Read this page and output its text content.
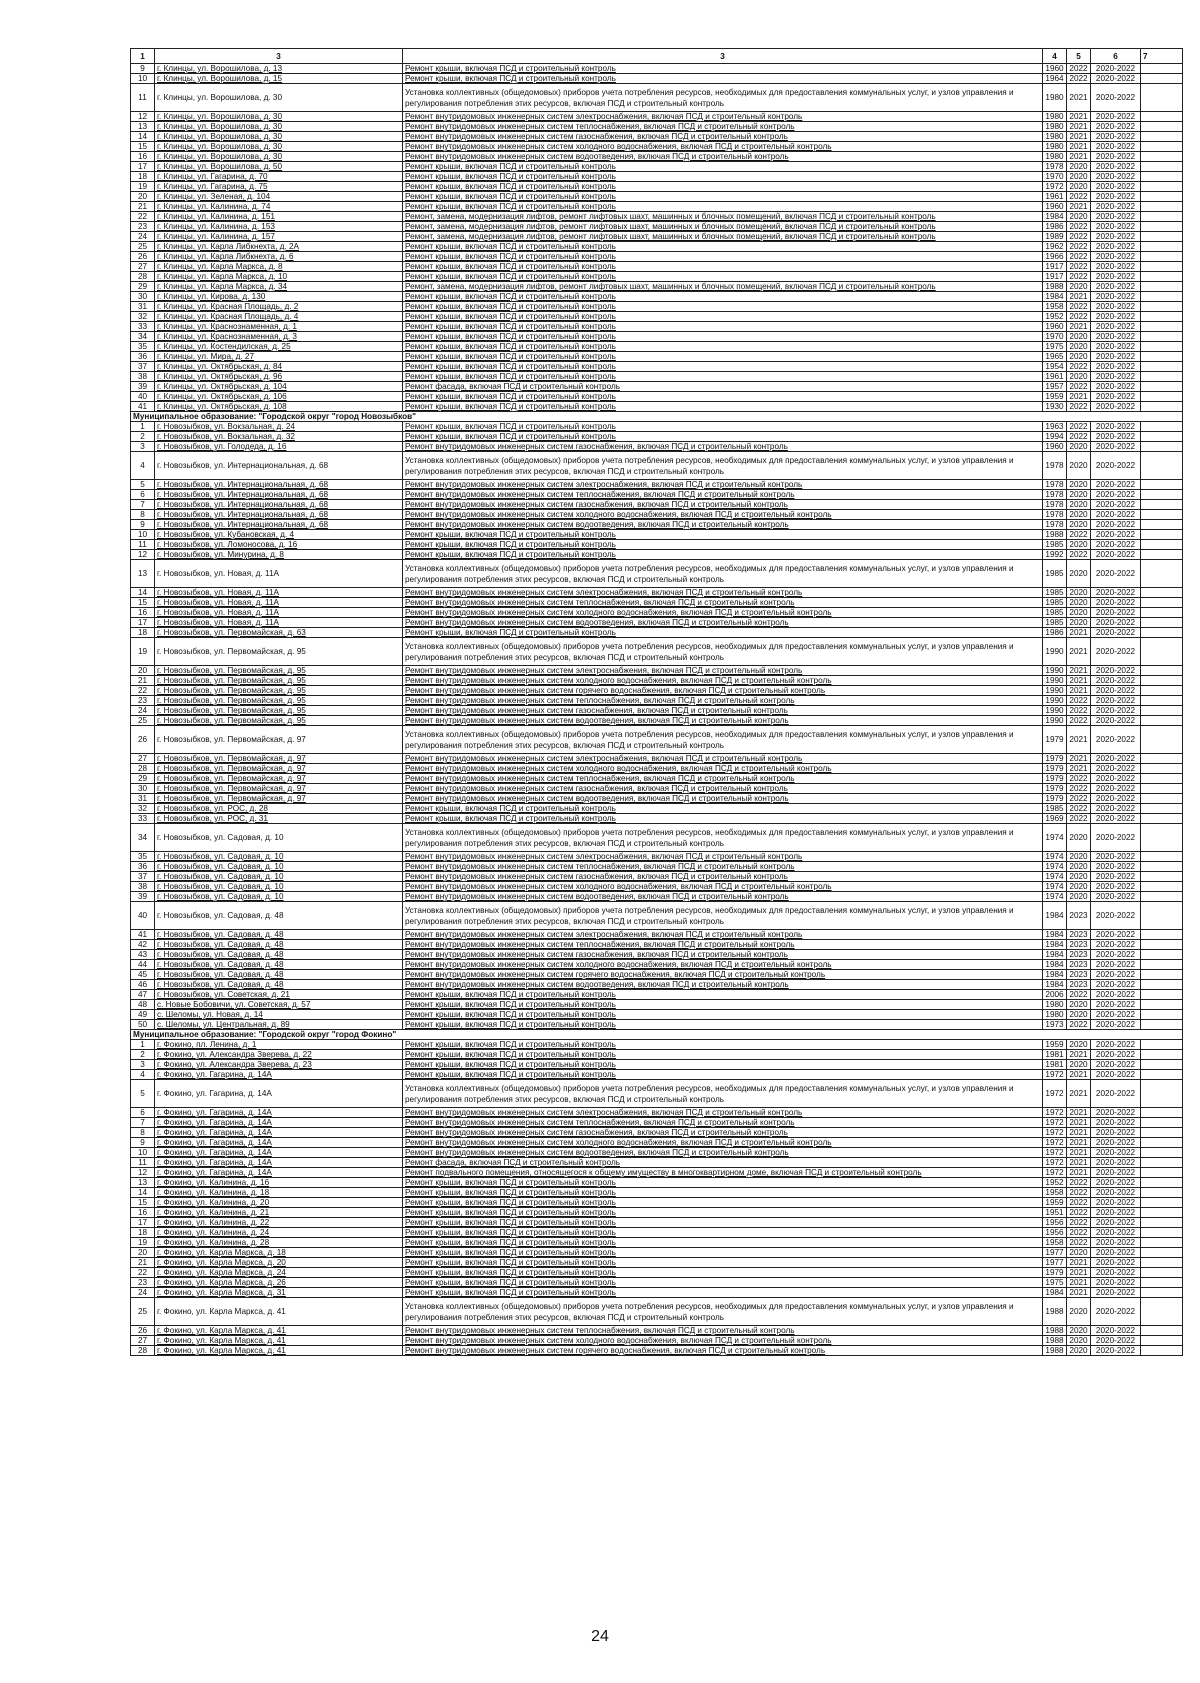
1	3	3	4	5	6	7
9	г. Клинцы, ул. Ворошилова, д. 13	Ремонт крыши, включая ПСД и строительный контроль	1960	2022	2020-2022	
10	г. Клинцы, ул. Ворошилова, д. 15	Ремонт крыши, включая ПСД и строительный контроль	1964	2022	2020-2022	
11	г. Клинцы, ул. Ворошилова, д. 30	Установка коллективных (общедомовых) приборов учета потребления ресурсов, необходимых для предоставления коммунальных услуг, и узлов управления и регулирования потребления этих ресурсов, включая ПСД и строительный контроль	1980	2021	2020-2022	
12	г. Клинцы, ул. Ворошилова, д. 30	Ремонт внутридомовых инженерных систем электроснабжения, включая ПСД и строительный контроль	1980	2021	2020-2022	
13	г. Клинцы, ул. Ворошилова, д. 30	Ремонт внутридомовых инженерных систем теплоснабжения, включая ПСД и строительный контроль	1980	2021	2020-2022	
14	г. Клинцы, ул. Ворошилова, д. 30	Ремонт внутридомовых инженерных систем газоснабжения, включая ПСД и строительный контроль	1980	2021	2020-2022	
15	г. Клинцы, ул. Ворошилова, д. 30	Ремонт внутридомовых инженерных систем холодного водоснабжения, включая ПСД и строительный контроль	1980	2021	2020-2022	
16	г. Клинцы, ул. Ворошилова, д. 30	Ремонт внутридомовых инженерных систем водоотведения, включая ПСД и строительный контроль	1980	2021	2020-2022	
17	г. Клинцы, ул. Ворошилова, д. 50	Ремонт крыши, включая ПСД и строительный контроль	1978	2020	2020-2022	
18	г. Клинцы, ул. Гагарина, д. 70	Ремонт крыши, включая ПСД и строительный контроль	1970	2020	2020-2022	
19	г. Клинцы, ул. Гагарина, д. 75	Ремонт крыши, включая ПСД и строительный контроль	1972	2020	2020-2022	
20	г. Клинцы, ул. Зеленая, д. 104	Ремонт крыши, включая ПСД и строительный контроль	1961	2022	2020-2022	
21	г. Клинцы, ул. Калинина, д. 74	Ремонт крыши, включая ПСД и строительный контроль	1960	2021	2020-2022	
22	г. Клинцы, ул. Калинина, д. 151	Ремонт, замена, модернизация лифтов, ремонт лифтовых шахт, машинных и блочных помещений, включая ПСД и строительный контроль	1984	2020	2020-2022	
23	г. Клинцы, ул. Калинина, д. 153	Ремонт, замена, модернизация лифтов, ремонт лифтовых шахт, машинных и блочных помещений, включая ПСД и строительный контроль	1986	2022	2020-2022	
24	г. Клинцы, ул. Калинина, д. 157	Ремонт, замена, модернизация лифтов, ремонт лифтовых шахт, машинных и блочных помещений, включая ПСД и строительный контроль	1989	2022	2020-2022	
25	г. Клинцы, ул. Карла Либкнехта, д. 2А	Ремонт крыши, включая ПСД и строительный контроль	1962	2022	2020-2022	
26	г. Клинцы, ул. Карла Либкнехта, д. 6	Ремонт крыши, включая ПСД и строительный контроль	1966	2022	2020-2022	
27	г. Клинцы, ул. Карла Маркса, д. 8	Ремонт крыши, включая ПСД и строительный контроль	1917	2022	2020-2022	
28	г. Клинцы, ул. Карла Маркса, д. 10	Ремонт крыши, включая ПСД и строительный контроль	1917	2022	2020-2022	
29	г. Клинцы, ул. Карла Маркса, д. 34	Ремонт, замена, модернизация лифтов, ремонт лифтовых шахт, машинных и блочных помещений, включая ПСД и строительный контроль	1988	2020	2020-2022	
30	г. Клинцы, ул. Кирова, д. 130	Ремонт крыши, включая ПСД и строительный контроль	1984	2021	2020-2022	
31	г. Клинцы, ул. Красная Площадь, д. 2	Ремонт крыши, включая ПСД и строительный контроль	1958	2022	2020-2022	
32	г. Клинцы, ул. Красная Площадь, д. 4	Ремонт крыши, включая ПСД и строительный контроль	1952	2022	2020-2022	
33	г. Клинцы, ул. Краснознаменная, д. 1	Ремонт крыши, включая ПСД и строительный контроль	1960	2021	2020-2022	
34	г. Клинцы, ул. Краснознаменная, д. 3	Ремонт крыши, включая ПСД и строительный контроль	1970	2020	2020-2022	
35	г. Клинцы, ул. Костендилская, д. 25	Ремонт крыши, включая ПСД и строительный контроль	1975	2020	2020-2022	
36	г. Клинцы, ул. Мира, д. 27	Ремонт крыши, включая ПСД и строительный контроль	1965	2020	2020-2022	
37	г. Клинцы, ул. Октябрьская, д. 84	Ремонт крыши, включая ПСД и строительный контроль	1954	2022	2020-2022	
38	г. Клинцы, ул. Октябрьская, д. 96	Ремонт крыши, включая ПСД и строительный контроль	1961	2020	2020-2022	
39	г. Клинцы, ул. Октябрьская, д. 104	Ремонт фасада, включая ПСД и строительный контроль	1957	2022	2020-2022	
40	г. Клинцы, ул. Октябрьская, д. 106	Ремонт крыши, включая ПСД и строительный контроль	1959	2021	2020-2022	
41	г. Клинцы, ул. Октябрьская, д. 108	Ремонт крыши, включая ПСД и строительный контроль	1930	2022	2020-2022	
Муниципальное образование: "Городской округ "город Новозыбков"						
1	г. Новозыбков, ул. Вокзальная, д. 24	Ремонт крыши, включая ПСД и строительный контроль	1963	2022	2020-2022	
2	г. Новозыбков, ул. Вокзальная, д. 32	Ремонт крыши, включая ПСД и строительный контроль	1994	2022	2020-2022	
3	г. Новозыбков, ул. Голодеда, д. 16	Ремонт внутридомовых инженерных систем газоснабжения, включая ПСД и строительный контроль	1960	2020	2020-2022	
4	г. Новозыбков, ул. Интернациональная, д. 68	Установка коллективных (общедомовых) приборов учета потребления ресурсов, необходимых для предоставления коммунальных услуг, и узлов управления и регулирования потребления этих ресурсов, включая ПСД и строительный контроль	1978	2020	2020-2022	
5	г. Новозыбков, ул. Интернациональная, д. 68	Ремонт внутридомовых инженерных систем электроснабжения, включая ПСД и строительный контроль	1978	2020	2020-2022	
6	г. Новозыбков, ул. Интернациональная, д. 68	Ремонт внутридомовых инженерных систем теплоснабжения, включая ПСД и строительный контроль	1978	2020	2020-2022	
7	г. Новозыбков, ул. Интернациональная, д. 68	Ремонт внутридомовых инженерных систем газоснабжения, включая ПСД и строительный контроль	1978	2020	2020-2022	
8	г. Новозыбков, ул. Интернациональная, д. 68	Ремонт внутридомовых инженерных систем холодного водоснабжения, включая ПСД и строительный контроль	1978	2020	2020-2022	
9	г. Новозыбков, ул. Интернациональная, д. 68	Ремонт внутридомовых инженерных систем водоотведения, включая ПСД и строительный контроль	1978	2020	2020-2022	
10	г. Новозыбков, ул. Кубановская, д. 4	Ремонт крыши, включая ПСД и строительный контроль	1988	2022	2020-2022	
11	г. Новозыбков, ул. Ломоносова, д. 16	Ремонт крыши, включая ПСД и строительный контроль	1985	2020	2020-2022	
12	г. Новозыбков, ул. Минурина, д. 8	Ремонт крыши, включая ПСД и строительный контроль	1992	2022	2020-2022	
13	г. Новозыбков, ул. Новая, д. 11А	Установка коллективных (общедомовых) приборов учета потребления ресурсов, необходимых для предоставления коммунальных услуг, и узлов управления и регулирования потребления этих ресурсов, включая ПСД и строительный контроль	1985	2020	2020-2022	
14	г. Новозыбков, ул. Новая, д. 11А	Ремонт внутридомовых инженерных систем электроснабжения, включая ПСД и строительный контроль	1985	2020	2020-2022	
15	г. Новозыбков, ул. Новая, д. 11А	Ремонт внутридомовых инженерных систем теплоснабжения, включая ПСД и строительный контроль	1985	2020	2020-2022	
16	г. Новозыбков, ул. Новая, д. 11А	Ремонт внутридомовых инженерных систем холодного водоснабжения, включая ПСД и строительный контроль	1985	2020	2020-2022	
17	г. Новозыбков, ул. Новая, д. 11А	Ремонт внутридомовых инженерных систем водоотведения, включая ПСД и строительный контроль	1985	2020	2020-2022	
18	г. Новозыбков, ул. Первомайская, д. 63	Ремонт крыши, включая ПСД и строительный контроль	1986	2021	2020-2022	
19	г. Новозыбков, ул. Первомайская, д. 95	Установка коллективных (общедомовых) приборов учета потребления ресурсов, необходимых для предоставления коммунальных услуг, и узлов управления и регулирования потребления этих ресурсов, включая ПСД и строительный контроль	1990	2021	2020-2022	
20	г. Новозыбков, ул. Первомайская, д. 95	Ремонт внутридомовых инженерных систем электроснабжения, включая ПСД и строительный контроль	1990	2021	2020-2022	
21	г. Новозыбков, ул. Первомайская, д. 95	Ремонт внутридомовых инженерных систем холодного водоснабжения, включая ПСД и строительный контроль	1990	2021	2020-2022	
22	г. Новозыбков, ул. Первомайская, д. 95	Ремонт внутридомовых инженерных систем горячего водоснабжения, включая ПСД и строительный контроль	1990	2021	2020-2022	
23	г. Новозыбков, ул. Первомайская, д. 95	Ремонт внутридомовых инженерных систем теплоснабжения, включая ПСД и строительный контроль	1990	2022	2020-2022	
24	г. Новозыбков, ул. Первомайская, д. 95	Ремонт внутридомовых инженерных систем газоснабжения, включая ПСД и строительный контроль	1990	2022	2020-2022	
25	г. Новозыбков, ул. Первомайская, д. 95	Ремонт внутридомовых инженерных систем водоотведения, включая ПСД и строительный контроль	1990	2022	2020-2022	
26	г. Новозыбков, ул. Первомайская, д. 97	Установка коллективных (общедомовых) приборов учета потребления ресурсов, необходимых для предоставления коммунальных услуг, и узлов управления и регулирования потребления этих ресурсов, включая ПСД и строительный контроль	1979	2021	2020-2022	
27	г. Новозыбков, ул. Первомайская, д. 97	Ремонт внутридомовых инженерных систем электроснабжения, включая ПСД и строительный контроль	1979	2021	2020-2022	
28	г. Новозыбков, ул. Первомайская, д. 97	Ремонт внутридомовых инженерных систем холодного водоснабжения, включая ПСД и строительный контроль	1979	2021	2020-2022	
29	г. Новозыбков, ул. Первомайская, д. 97	Ремонт внутридомовых инженерных систем теплоснабжения, включая ПСД и строительный контроль	1979	2022	2020-2022	
30	г. Новозыбков, ул. Первомайская, д. 97	Ремонт внутридомовых инженерных систем газоснабжения, включая ПСД и строительный контроль	1979	2022	2020-2022	
31	г. Новозыбков, ул. Первомайская, д. 97	Ремонт внутридомовых инженерных систем водоотведения, включая ПСД и строительный контроль	1979	2022	2020-2022	
32	г. Новозыбков, ул. РОС, д. 28	Ремонт крыши, включая ПСД и строительный контроль	1985	2022	2020-2022	
33	г. Новозыбков, ул. РОС, д. 31	Ремонт крыши, включая ПСД и строительный контроль	1969	2022	2020-2022	
34	г. Новозыбков, ул. Садовая, д. 10	Установка коллективных (общедомовых) приборов учета потребления ресурсов, необходимых для предоставления коммунальных услуг, и узлов управления и регулирования потребления этих ресурсов, включая ПСД и строительный контроль	1974	2020	2020-2022	
35	г. Новозыбков, ул. Садовая, д. 10	Ремонт внутридомовых инженерных систем электроснабжения, включая ПСД и строительный контроль	1974	2020	2020-2022	
36	г. Новозыбков, ул. Садовая, д. 10	Ремонт внутридомовых инженерных систем теплоснабжения, включая ПСД и строительный контроль	1974	2020	2020-2022	
37	г. Новозыбков, ул. Садовая, д. 10	Ремонт внутридомовых инженерных систем газоснабжения, включая ПСД и строительный контроль	1974	2020	2020-2022	
38	г. Новозыбков, ул. Садовая, д. 10	Ремонт внутридомовых инженерных систем холодного водоснабжения, включая ПСД и строительный контроль	1974	2020	2020-2022	
39	г. Новозыбков, ул. Садовая, д. 10	Ремонт внутридомовых инженерных систем водоотведения, включая ПСД и строительный контроль	1974	2020	2020-2022	
40	г. Новозыбков, ул. Садовая, д. 48	Установка коллективных (общедомовых) приборов учета потребления ресурсов, необходимых для предоставления коммунальных услуг, и узлов управления и регулирования потребления этих ресурсов, включая ПСД и строительный контроль	1984	2023	2020-2022	
41	г. Новозыбков, ул. Садовая, д. 48	Ремонт внутридомовых инженерных систем электроснабжения, включая ПСД и строительный контроль	1984	2023	2020-2022	
42	г. Новозыбков, ул. Садовая, д. 48	Ремонт внутридомовых инженерных систем теплоснабжения, включая ПСД и строительный контроль	1984	2023	2020-2022	
43	г. Новозыбков, ул. Садовая, д. 48	Ремонт внутридомовых инженерных систем газоснабжения, включая ПСД и строительный контроль	1984	2023	2020-2022	
44	г. Новозыбков, ул. Садовая, д. 48	Ремонт внутридомовых инженерных систем холодного водоснабжения, включая ПСД и строительный контроль	1984	2023	2020-2022	
45	г. Новозыбков, ул. Садовая, д. 48	Ремонт внутридомовых инженерных систем горячего водоснабжения, включая ПСД и строительный контроль	1984	2023	2020-2022	
46	г. Новозыбков, ул. Садовая, д. 48	Ремонт внутридомовых инженерных систем водоотведения, включая ПСД и строительный контроль	1984	2023	2020-2022	
47	г. Новозыбков, ул. Советская, д. 21	Ремонт крыши, включая ПСД и строительный контроль	2006	2022	2020-2022	
48	с. Новые Бобовичи, ул. Советская, д. 57	Ремонт крыши, включая ПСД и строительный контроль	1980	2020	2020-2022	
49	с. Шеломы, ул. Новая, д. 14	Ремонт крыши, включая ПСД и строительный контроль	1980	2020	2020-2022	
50	с. Шеломы, ул. Центральная, д. 89	Ремонт крыши, включая ПСД и строительный контроль	1973	2022	2020-2022	
Муниципальное образование: "Городской округ "город Фокино"						
1	г. Фокино, пл. Ленина, д. 1	Ремонт крыши, включая ПСД и строительный контроль	1959	2020	2020-2022	
2	г. Фокино, ул. Александра Зверева, д. 22	Ремонт крыши, включая ПСД и строительный контроль	1981	2021	2020-2022	
3	г. Фокино, ул. Александра Зверева, д. 23	Ремонт крыши, включая ПСД и строительный контроль	1981	2020	2020-2022	
4	г. Фокино, ул. Гагарина, д. 14А	Ремонт крыши, включая ПСД и строительный контроль	1972	2021	2020-2022	
5	г. Фокино, ул. Гагарина, д. 14А	Установка коллективных (общедомовых) приборов учета потребления ресурсов, необходимых для предоставления коммунальных услуг, и узлов управления и регулирования потребления этих ресурсов, включая ПСД и строительный контроль	1972	2021	2020-2022	
6	г. Фокино, ул. Гагарина, д. 14А	Ремонт внутридомовых инженерных систем электроснабжения, включая ПСД и строительный контроль	1972	2021	2020-2022	
7	г. Фокино, ул. Гагарина, д. 14А	Ремонт внутридомовых инженерных систем теплоснабжения, включая ПСД и строительный контроль	1972	2021	2020-2022	
8	г. Фокино, ул. Гагарина, д. 14А	Ремонт внутридомовых инженерных систем газоснабжения, включая ПСД и строительный контроль	1972	2021	2020-2022	
9	г. Фокино, ул. Гагарина, д. 14А	Ремонт внутридомовых инженерных систем холодного водоснабжения, включая ПСД и строительный контроль	1972	2021	2020-2022	
10	г. Фокино, ул. Гагарина, д. 14А	Ремонт внутридомовых инженерных систем водоотведения, включая ПСД и строительный контроль	1972	2021	2020-2022	
11	г. Фокино, ул. Гагарина, д. 14А	Ремонт фасада, включая ПСД и строительный контроль	1972	2021	2020-2022	
12	г. Фокино, ул. Гагарина, д. 14А	Ремонт подвального помещения, относящегося к общему имуществу в многоквартирном доме, включая ПСД и строительный контроль	1972	2021	2020-2022	
13	г. Фокино, ул. Калинина, д. 16	Ремонт крыши, включая ПСД и строительный контроль	1952	2022	2020-2022	
14	г. Фокино, ул. Калинина, д. 18	Ремонт крыши, включая ПСД и строительный контроль	1958	2022	2020-2022	
15	г. Фокино, ул. Калинина, д. 20	Ремонт крыши, включая ПСД и строительный контроль	1959	2022	2020-2022	
16	г. Фокино, ул. Калинина, д. 21	Ремонт крыши, включая ПСД и строительный контроль	1951	2022	2020-2022	
17	г. Фокино, ул. Калинина, д. 22	Ремонт крыши, включая ПСД и строительный контроль	1956	2022	2020-2022	
18	г. Фокино, ул. Калинина, д. 24	Ремонт крыши, включая ПСД и строительный контроль	1956	2022	2020-2022	
19	г. Фокино, ул. Калинина, д. 28	Ремонт крыши, включая ПСД и строительный контроль	1958	2022	2020-2022	
20	г. Фокино, ул. Карла Маркса, д. 18	Ремонт крыши, включая ПСД и строительный контроль	1977	2020	2020-2022	
21	г. Фокино, ул. Карла Маркса, д. 20	Ремонт крыши, включая ПСД и строительный контроль	1977	2021	2020-2022	
22	г. Фокино, ул. Карла Маркса, д. 24	Ремонт крыши, включая ПСД и строительный контроль	1979	2021	2020-2022	
23	г. Фокино, ул. Карла Маркса, д. 26	Ремонт крыши, включая ПСД и строительный контроль	1975	2021	2020-2022	
24	г. Фокино, ул. Карла Маркса, д. 31	Ремонт крыши, включая ПСД и строительный контроль	1984	2021	2020-2022	
25	г. Фокино, ул. Карла Маркса, д. 41	Установка коллективных (общедомовых) приборов учета потребления ресурсов, необходимых для предоставления коммунальных услуг, и узлов управления и регулирования потребления этих ресурсов, включая ПСД и строительный контроль	1988	2020	2020-2022	
26	г. Фокино, ул. Карла Маркса, д. 41	Ремонт внутридомовых инженерных систем теплоснабжения, включая ПСД и строительный контроль	1988	2020	2020-2022	
27	г. Фокино, ул. Карла Маркса, д. 41	Ремонт внутридомовых инженерных систем холодного водоснабжения, включая ПСД и строительный контроль	1988	2020	2020-2022	
28	г. Фокино, ул. Карла Маркса, д. 41	Ремонт внутридомовых инженерных систем горячего водоснабжения, включая ПСД и строительный контроль	1988	2020	2020-2022	
24
